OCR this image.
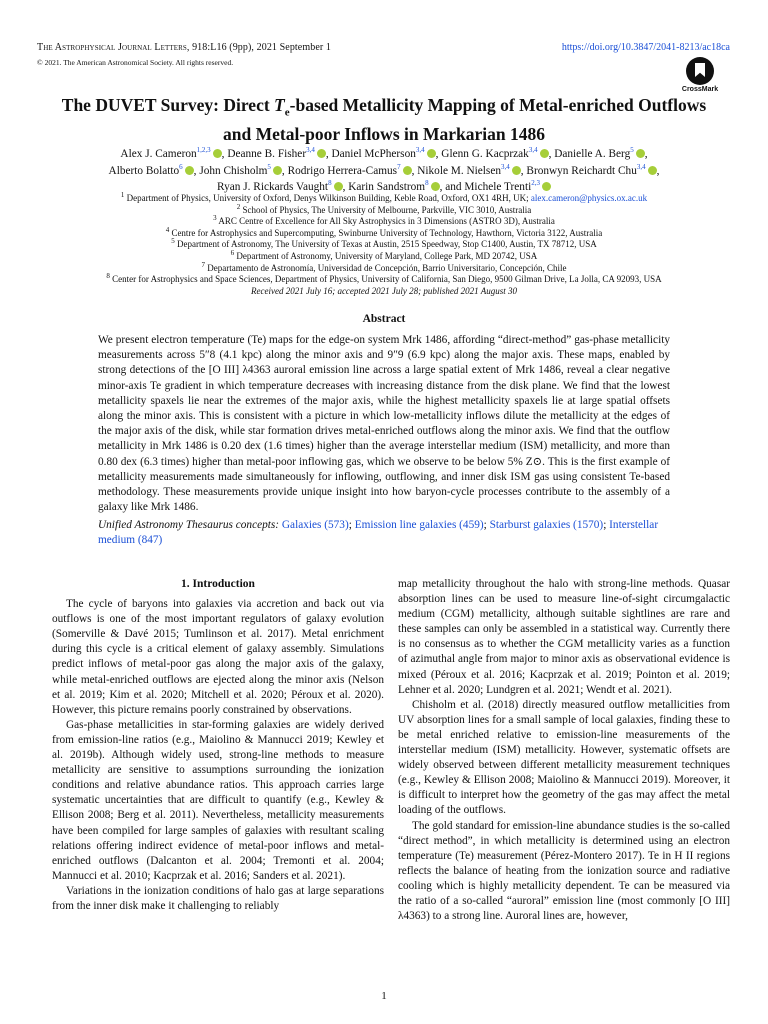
The Astrophysical Journal Letters, 918:L16 (9pp), 2021 September 1
© 2021. The American Astronomical Society. All rights reserved.
https://doi.org/10.3847/2041-8213/ac18ca
CrossMark
The DUVET Survey: Direct $T_e$-based Metallicity Mapping of Metal-enriched Outflows
and Metal-poor Inflows in Markarian 1486
Alex J. Cameron$^{1,2,3}$ , Deanne B. Fisher$^{3,4}$ , Daniel McPherson$^{3,4}$ , Glenn G. Kacprzak$^{3,4}$ , Danielle A. Berg$^5$ ,
Alberto Bolatto$^6$ , John Chisholm$^5$ , Rodrigo Herrera-Camus$^7$ , Nikole M. Nielsen$^{3,4}$ , Bronwyn Reichardt Chu$^{3,4}$ ,
Ryan J. Rickards Vaught$^8$ , Karin Sandstrom$^8$ , and Michele Trenti$^{2,3}$
$^1$ Department of Physics, University of Oxford, Denys Wilkinson Building, Keble Road, Oxford, OX1 4RH, UK; alex.cameron@physics.ox.ac.uk
$^2$ School of Physics, The University of Melbourne, Parkville, VIC 3010, Australia
$^3$ ARC Centre of Excellence for All Sky Astrophysics in 3 Dimensions (ASTRO 3D), Australia
$^4$ Centre for Astrophysics and Supercomputing, Swinburne University of Technology, Hawthorn, Victoria 3122, Australia
$^5$ Department of Astronomy, The University of Texas at Austin, 2515 Speedway, Stop C1400, Austin, TX 78712, USA
$^6$ Department of Astronomy, University of Maryland, College Park, MD 20742, USA
$^7$ Departamento de Astronomía, Universidad de Concepción, Barrio Universitario, Concepción, Chile
$^8$ Center for Astrophysics and Space Sciences, Department of Physics, University of California, San Diego, 9500 Gilman Drive, La Jolla, CA 92093, USA
Received 2021 July 16; accepted 2021 July 28; published 2021 August 30
Abstract
We present electron temperature (Te) maps for the edge-on system Mrk 1486, affording “direct-method” gas-phase metallicity measurements across 5″8 (4.1 kpc) along the minor axis and 9″9 (6.9 kpc) along the major axis. These maps, enabled by strong detections of the [O III] λ4363 auroral emission line across a large spatial extent of Mrk 1486, reveal a clear negative minor-axis Te gradient in which temperature decreases with increasing distance from the disk plane. We find that the lowest metallicity spaxels lie near the extremes of the major axis, while the highest metallicity spaxels lie at large spatial offsets along the minor axis. This is consistent with a picture in which low-metallicity inflows dilute the metallicity at the edges of the major axis of the disk, while star formation drives metal-enriched outflows along the minor axis. We find that the outflow metallicity in Mrk 1486 is 0.20 dex (1.6 times) higher than the average interstellar medium (ISM) metallicity, and more than 0.80 dex (6.3 times) higher than metal-poor inflowing gas, which we observe to be below 5% Z⊙. This is the first example of metallicity measurements made simultaneously for inflowing, outflowing, and inner disk ISM gas using consistent Te-based methodology. These measurements provide unique insight into how baryon-cycle processes contribute to the assembly of a galaxy like Mrk 1486.
Unified Astronomy Thesaurus concepts: Galaxies (573); Emission line galaxies (459); Starburst galaxies (1570); Interstellar medium (847)
1. Introduction

The cycle of baryons into galaxies via accretion and back out via outflows is one of the most important regulators of galaxy evolution (Somerville & Davé 2015; Tumlinson et al. 2017). Metal enrichment during this cycle is a critical element of galaxy assembly. Simulations predict inflows of metal-poor gas along the major axis of the galaxy, while metal-enriched outflows are ejected along the minor axis (Nelson et al. 2019; Kim et al. 2020; Mitchell et al. 2020; Péroux et al. 2020). However, this picture remains poorly constrained by observations.

Gas-phase metallicities in star-forming galaxies are widely derived from emission-line ratios (e.g., Maiolino & Mannucci 2019; Kewley et al. 2019b). Although widely used, strong-line methods to measure metallicity are sensitive to assumptions surrounding the ionization conditions and relative abundance ratios. This approach carries large systematic uncertainties that are difficult to quantify (e.g., Kewley & Ellison 2008; Berg et al. 2011). Nevertheless, metallicity measurements have been compiled for large samples of galaxies with resultant scaling relations offering indirect evidence of metal-poor inflows and metal-enriched outflows (Dalcanton et al. 2004; Tremonti et al. 2004; Mannucci et al. 2010; Kacprzak et al. 2016; Sanders et al. 2021).

Variations in the ionization conditions of halo gas at large separations from the inner disk make it challenging to reliably

map metallicity throughout the halo with strong-line methods. Quasar absorption lines can be used to measure line-of-sight circumgalactic medium (CGM) metallicity, although suitable sightlines are rare and these samples can only be assembled in a statistical way. Currently there is no consensus as to whether the CGM metallicity varies as a function of azimuthal angle from major to minor axis as observational evidence is mixed (Péroux et al. 2016; Kacprzak et al. 2019; Pointon et al. 2019; Lehner et al. 2020; Lundgren et al. 2021; Wendt et al. 2021).

Chisholm et al. (2018) directly measured outflow metallicities from UV absorption lines for a small sample of local galaxies, finding these to be metal enriched relative to emission-line measurements of the interstellar medium (ISM) metallicity. However, systematic offsets are widely observed between different metallicity measurement techniques (e.g., Kewley & Ellison 2008; Maiolino & Mannucci 2019). Moreover, it is difficult to interpret how the geometry of the gas may affect the metal loading of the outflows.

The gold standard for emission-line abundance studies is the so-called “direct method”, in which metallicity is determined using an electron temperature (Te) measurement (Pérez-Montero 2017). Te in H II regions reflects the balance of heating from the ionization source and radiative cooling which is highly metallicity dependent. Te can be measured via the ratio of a so-called “auroral” emission line (most commonly [O III] λ4363) to a strong line. Auroral lines are, however,

1
